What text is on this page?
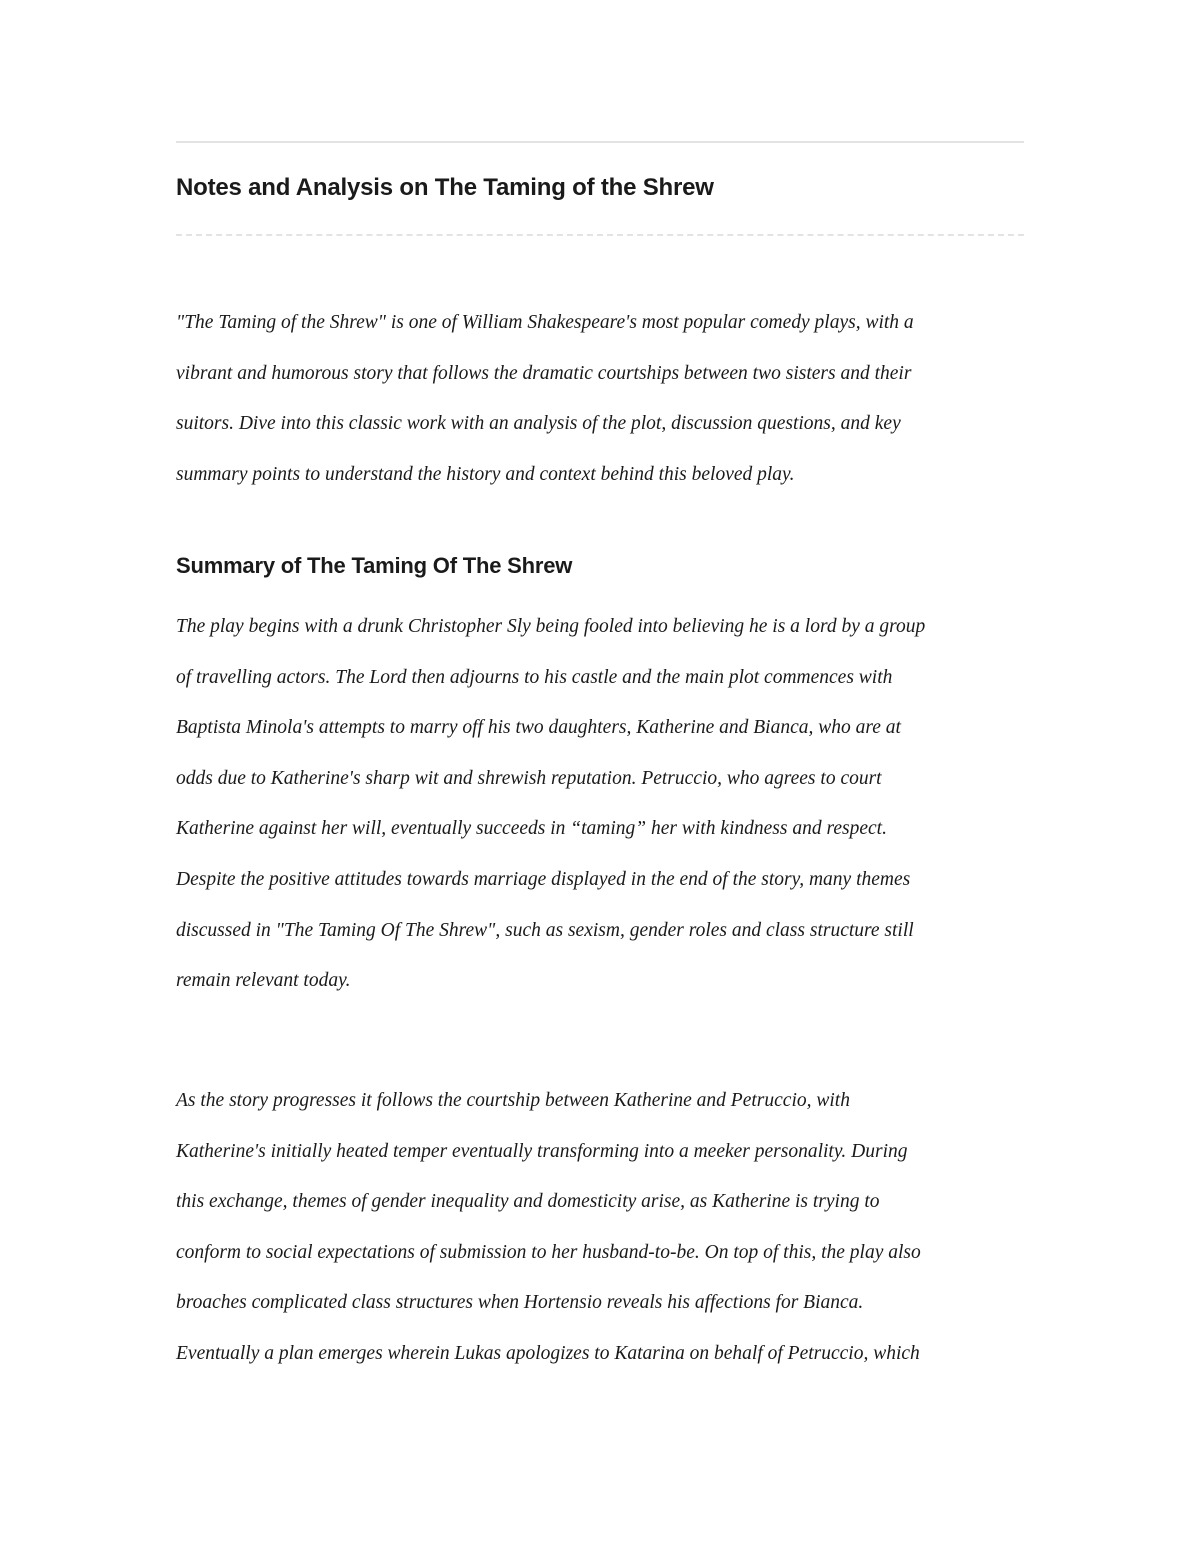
Notes and Analysis on The Taming of the Shrew

"The Taming of the Shrew" is one of William Shakespeare's most popular comedy plays, with a
vibrant and humorous story that follows the dramatic courtships between two sisters and their
suitors. Dive into this classic work with an analysis of the plot, discussion questions, and key
summary points to understand the history and context behind this beloved play.

Summary of The Taming Of The Shrew

The play begins with a drunk Christopher Sly being fooled into believing he is a lord by a group
of travelling actors. The Lord then adjourns to his castle and the main plot commences with
Baptista Minola's attempts to marry off his two daughters, Katherine and Bianca, who are at
odds due to Katherine's sharp wit and shrewish reputation. Petruccio, who agrees to court
Katherine against her will, eventually succeeds in “taming” her with kindness and respect.
Despite the positive attitudes towards marriage displayed in the end of the story, many themes
discussed in "The Taming Of The Shrew", such as sexism, gender roles and class structure still
remain relevant today.

As the story progresses it follows the courtship between Katherine and Petruccio, with
Katherine's initially heated temper eventually transforming into a meeker personality. During
this exchange, themes of gender inequality and domesticity arise, as Katherine is trying to
conform to social expectations of submission to her husband-to-be. On top of this, the play also
broaches complicated class structures when Hortensio reveals his affections for Bianca.
Eventually a plan emerges wherein Lukas apologizes to Katarina on behalf of Petruccio, which
